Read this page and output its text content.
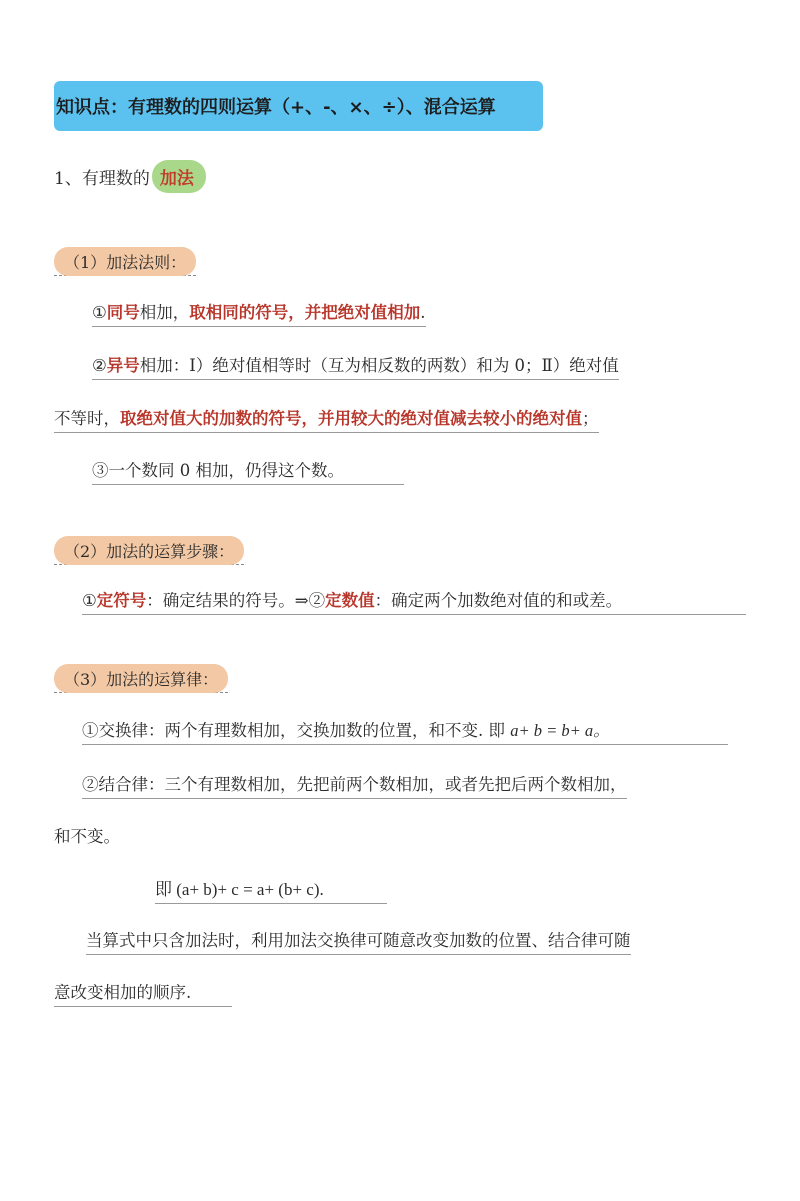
知识点：有理数的四则运算（+、-、×、÷）、混合运算
1、有理数的 加法
（1）加法法则：
①同号相加，取相同的符号，并把绝对值相加.
②异号相加：Ⅰ）绝对值相等时（互为相反数的两数）和为 0；Ⅱ）绝对值
不等时，取绝对值大的加数的符号，并用较大的绝对值减去较小的绝对值；
③一个数同 0 相加，仍得这个数。
（2）加法的运算步骤：
①定符号：确定结果的符号。⇒②定数值：确定两个加数绝对值的和或差。
（3）加法的运算律：
①交换律：两个有理数相加，交换加数的位置，和不变. 即 a+ b = b+ a。
②结合律：三个有理数相加，先把前两个数相加，或者先把后两个数相加，
和不变。
即 (a+ b)+ c = a+ (b+ c).
当算式中只含加法时，利用加法交换律可随意改变加数的位置、结合律可随
意改变相加的顺序.
